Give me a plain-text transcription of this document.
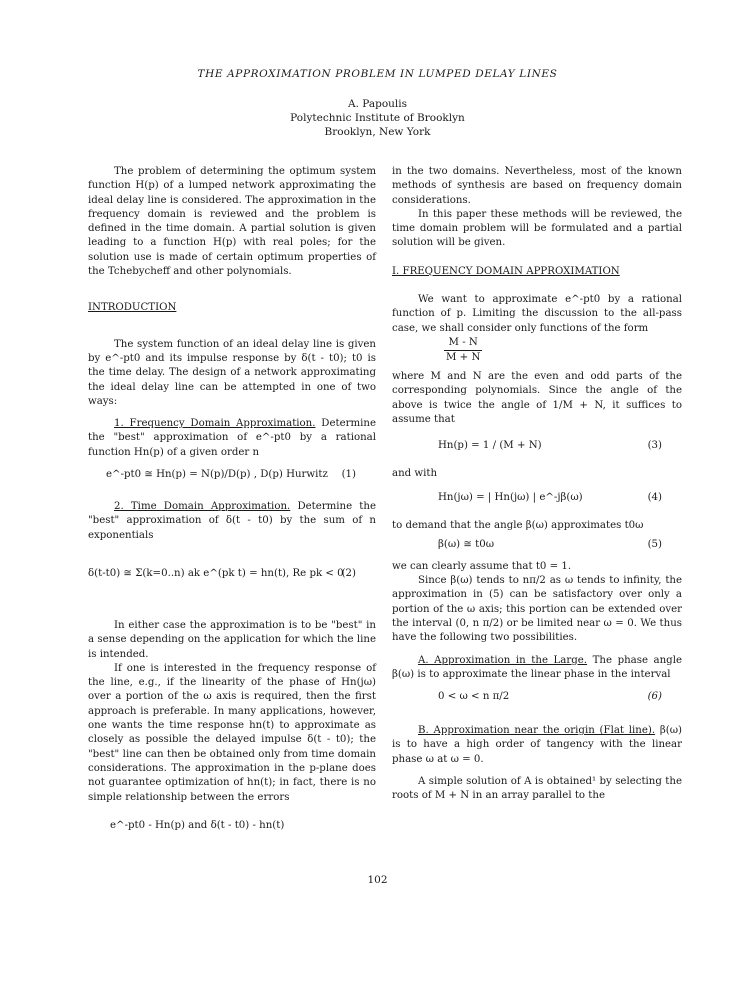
THE APPROXIMATION PROBLEM IN LUMPED DELAY LINES
A. Papoulis
Polytechnic Institute of Brooklyn
Brooklyn, New York

The problem of determining the optimum system function H(p) of a lumped network approximating the ideal delay line is considered. The approximation in the frequency domain is reviewed and the problem is defined in the time domain. A partial solution is given leading to a function H(p) with real poles; for the solution use is made of certain optimum properties of the Tchebycheff and other polynomials.

INTRODUCTION

The system function of an ideal delay line is given by e^-pt0 and its impulse response by δ(t - t0); t0 is the time delay. The design of a network approximating the ideal delay line can be attempted in one of two ways:

1. Frequency Domain Approximation. Determine the "best" approximation of e^-pt0 by a rational function Hn(p) of a given order n

e^-pt0 ≅ Hn(p) = N(p)/D(p) , D(p) Hurwitz (1)

2. Time Domain Approximation. Determine the "best" approximation of δ(t - t0) by the sum of n exponentials

δ(t-t0) ≅ Σ(k=0..n) ak e^(pk t) = hn(t), Re pk < 0
(2)

In either case the approximation is to be "best" in a sense depending on the application for which the line is intended.

If one is interested in the frequency response of the line, e.g., if the linearity of the phase of Hn(jω) over a portion of the ω axis is required, then the first approach is preferable. In many applications, however, one wants the time response hn(t) to approximate as closely as possible the delayed impulse δ(t - t0); the "best" line can then be obtained only from time domain considerations. The approximation in the p-plane does not guarantee optimization of hn(t); in fact, there is no simple relationship between the errors

e^-pt0 - Hn(p) and δ(t - t0) - hn(t)

in the two domains. Nevertheless, most of the known methods of synthesis are based on frequency domain considerations.

In this paper these methods will be reviewed, the time domain problem will be formulated and a partial solution will be given.

I. FREQUENCY DOMAIN APPROXIMATION

We want to approximate e^-pt0 by a rational function of p. Limiting the discussion to the all-pass case, we shall consider only functions of the form

$\frac{M - N}{M + N}$

where M and N are the even and odd parts of the corresponding polynomials. Since the angle of the above is twice the angle of 1/M + N, it suffices to assume that

Hn(p) = 1 / (M + N)	(3)

and with

Hn(jω) = | Hn(jω) | e^-jβ(ω)	(4)

to demand that the angle β(ω) approximates t0ω

β(ω) ≅ t0ω	(5)

we can clearly assume that t0 = 1.

Since β(ω) tends to nπ/2 as ω tends to infinity, the approximation in (5) can be satisfactory over only a portion of the ω axis; this portion can be extended over the interval (0, n π/2) or be limited near ω = 0. We thus have the following two possibilities.

A. Approximation in the Large. The phase angle β(ω) is to approximate the linear phase in the interval

0 < ω < n π/2	(6)

B. Approximation near the origin (Flat line). β(ω) is to have a high order of tangency with the linear phase ω at ω = 0.

A simple solution of A is obtained¹ by selecting the roots of M + N in an array parallel to the

102
